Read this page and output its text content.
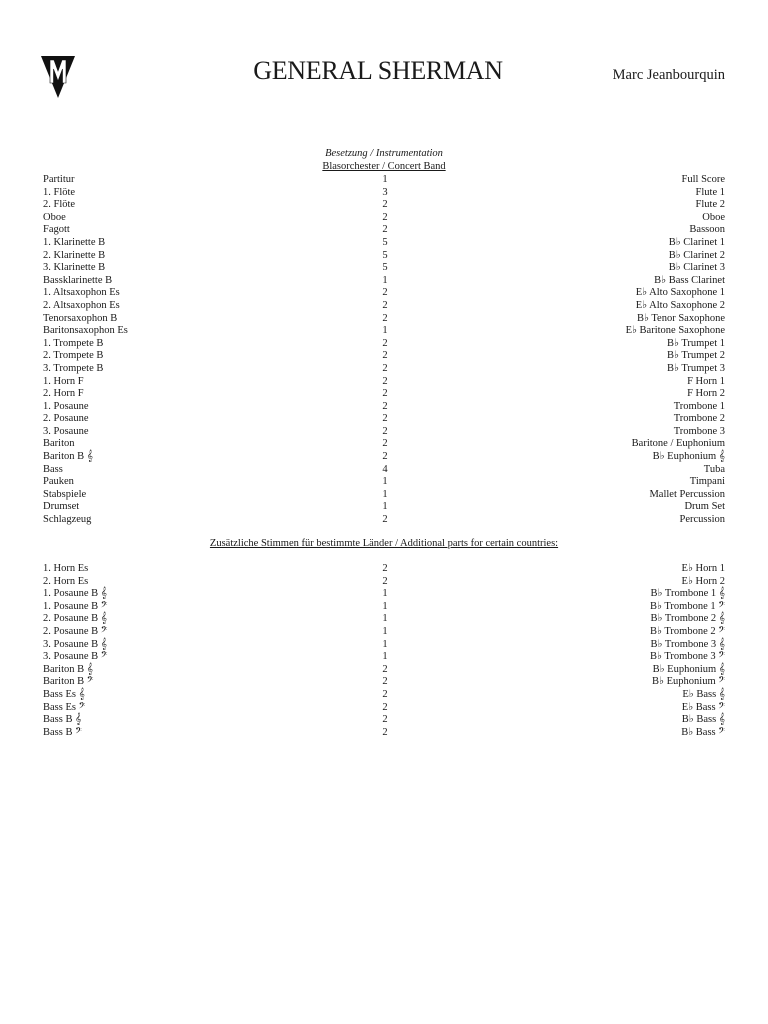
GENERAL SHERMAN	Marc Jeanbourquin
Besetzung / Instrumentation
Blasorchester / Concert Band
Partitur	1	Full Score
1. Flöte	3	Flute 1
2. Flöte	2	Flute 2
Oboe	2	Oboe
Fagott	2	Bassoon
1. Klarinette B	5	B♭ Clarinet 1
2. Klarinette B	5	B♭ Clarinet 2
3. Klarinette B	5	B♭ Clarinet 3
Bassklarinette B	1	B♭ Bass Clarinet
1. Altsaxophon Es	2	E♭ Alto Saxophone 1
2. Altsaxophon Es	2	E♭ Alto Saxophone 2
Tenorsaxophon B	2	B♭ Tenor Saxophone
Baritonsaxophon Es	1	E♭ Baritone Saxophone
1. Trompete B	2	B♭ Trumpet 1
2. Trompete B	2	B♭ Trumpet 2
3. Trompete B	2	B♭ Trumpet 3
1. Horn F	2	F Horn 1
2. Horn F	2	F Horn 2
1. Posaune	2	Trombone 1
2. Posaune	2	Trombone 2
3. Posaune	2	Trombone 3
Bariton	2	Baritone / Euphonium
Bariton B 𝄞	2	B♭ Euphonium 𝄞
Bass	4	Tuba
Pauken	1	Timpani
Stabspiele	1	Mallet Percussion
Drumset	1	Drum Set
Schlagzeug	2	Percussion
Zusätzliche Stimmen für bestimmte Länder / Additional parts for certain countries:
1. Horn Es	2	E♭ Horn 1
2. Horn Es	2	E♭ Horn 2
1. Posaune B 𝄞	1	B♭ Trombone 1 𝄞
1. Posaune B 𝄢	1	B♭ Trombone 1 𝄢
2. Posaune B 𝄞	1	B♭ Trombone 2 𝄞
2. Posaune B 𝄢	1	B♭ Trombone 2 𝄢
3. Posaune B 𝄞	1	B♭ Trombone 3 𝄞
3. Posaune B 𝄢	1	B♭ Trombone 3 𝄢
Bariton B 𝄞	2	B♭ Euphonium 𝄞
Bariton B 𝄢	2	B♭ Euphonium 𝄢
Bass Es 𝄞	2	E♭ Bass 𝄞
Bass Es 𝄢	2	E♭ Bass 𝄢
Bass B 𝄞	2	B♭ Bass 𝄞
Bass B 𝄢	2	B♭ Bass 𝄢
